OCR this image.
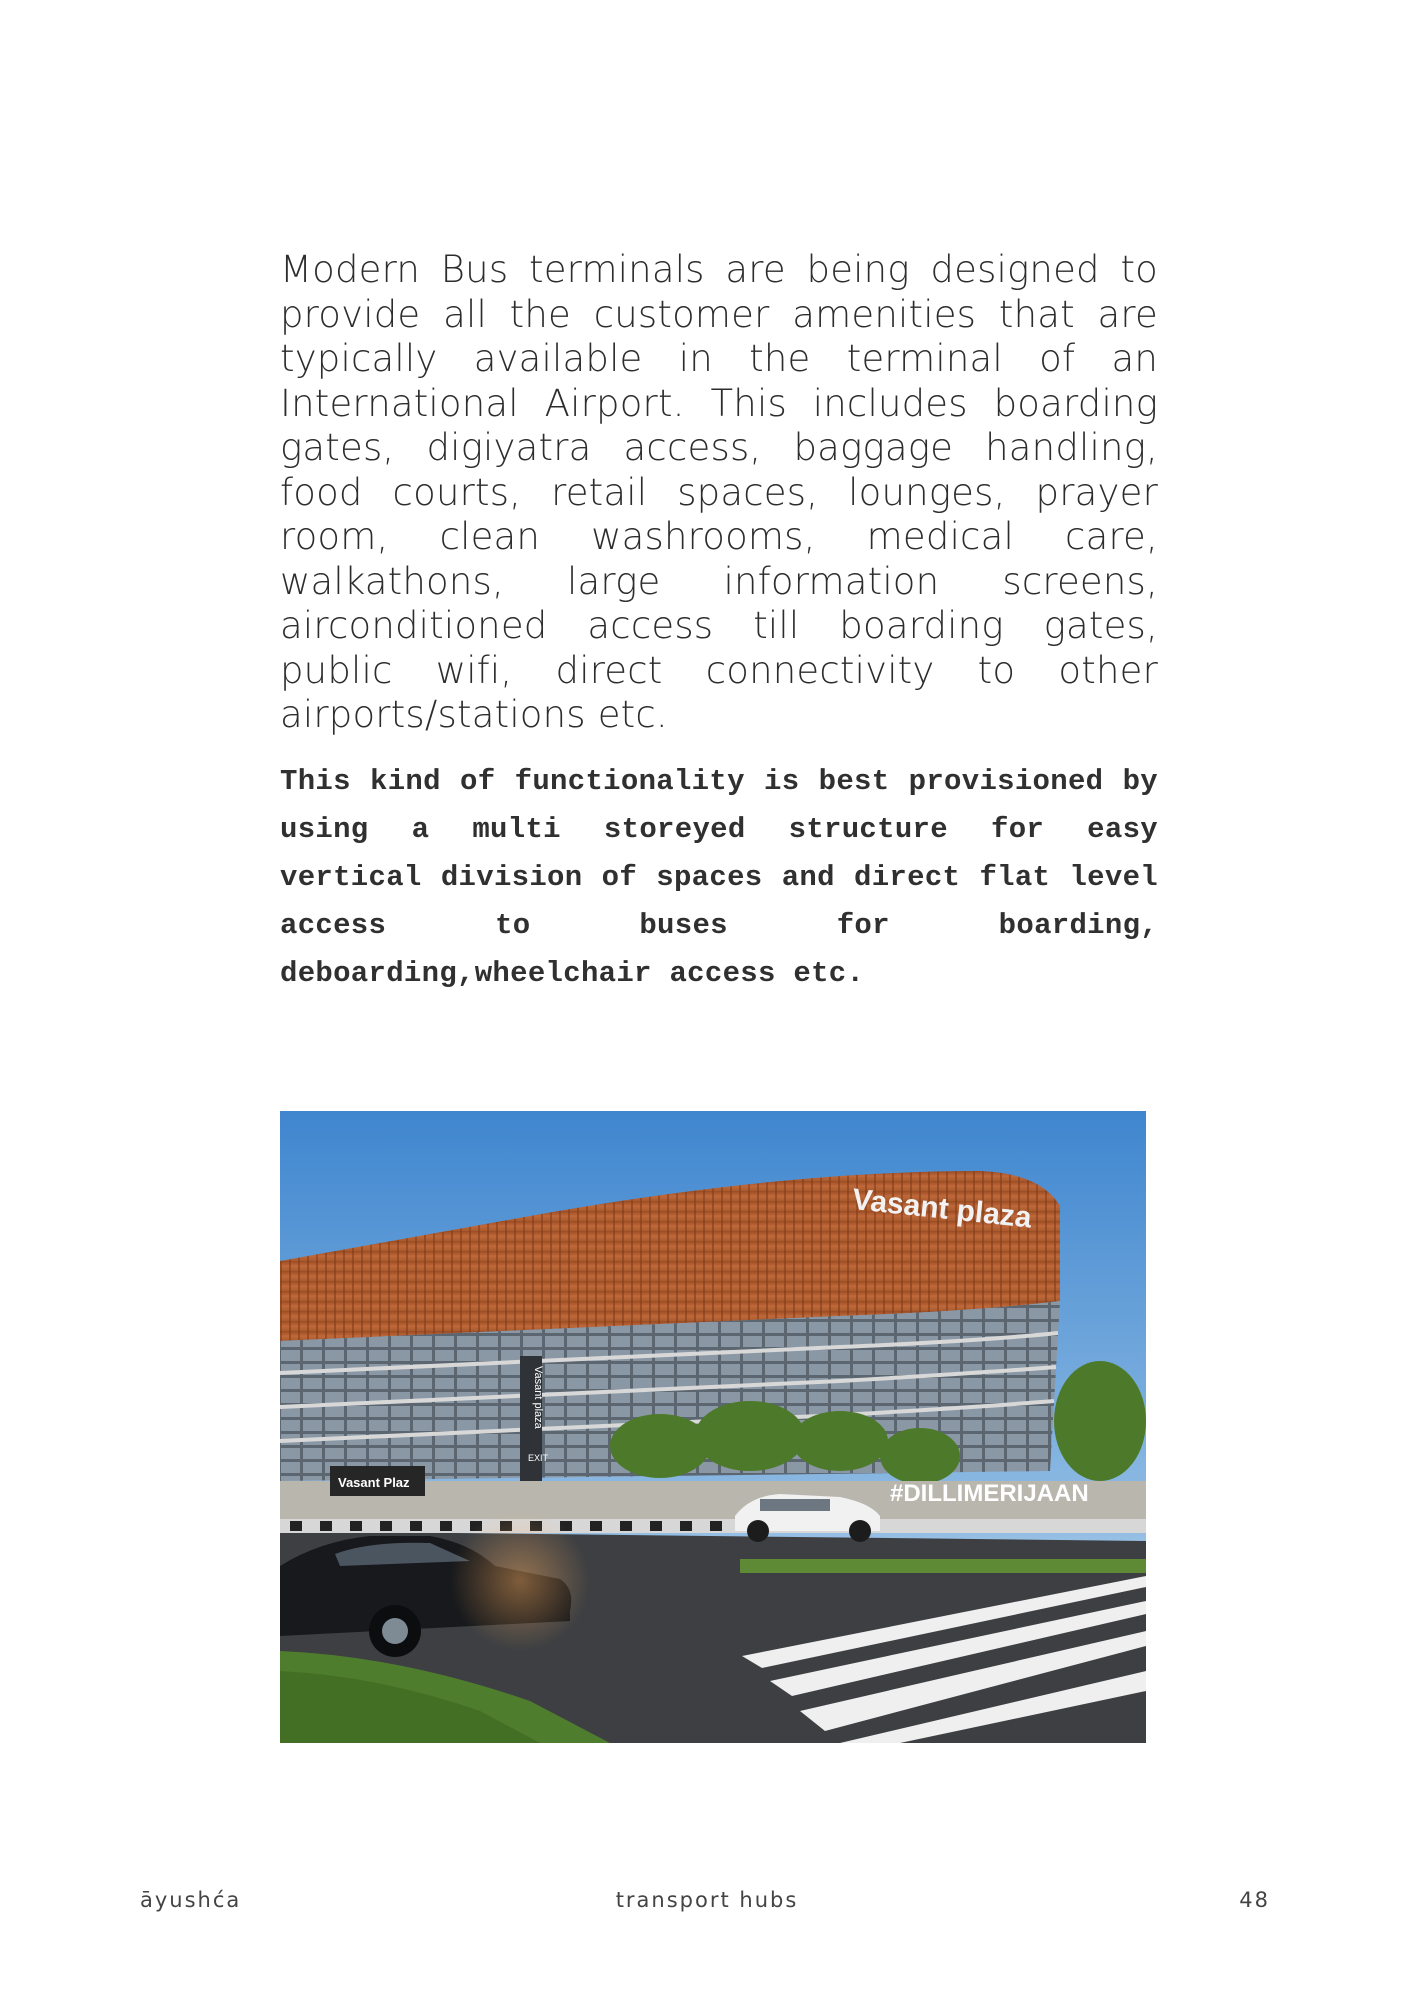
Modern Bus terminals are being designed to provide all the customer amenities that are typically available in the terminal of an International Airport. This includes boarding gates, digiyatra access, baggage handling, food courts, retail spaces, lounges, prayer room, clean washrooms, medical care, walkathons, large information screens, airconditioned access till boarding gates, public wifi, direct connectivity to other airports/stations etc.

This kind of functionality is best provisioned by using a multi storeyed structure for easy vertical division of spaces and direct flat level access to buses for boarding, deboarding,wheelchair access etc.

Vasant plaza
EXIT
Vasant plaza
Vasant Plaz	#DILLIMERIJAAN
āyushća	transport hubs	48
